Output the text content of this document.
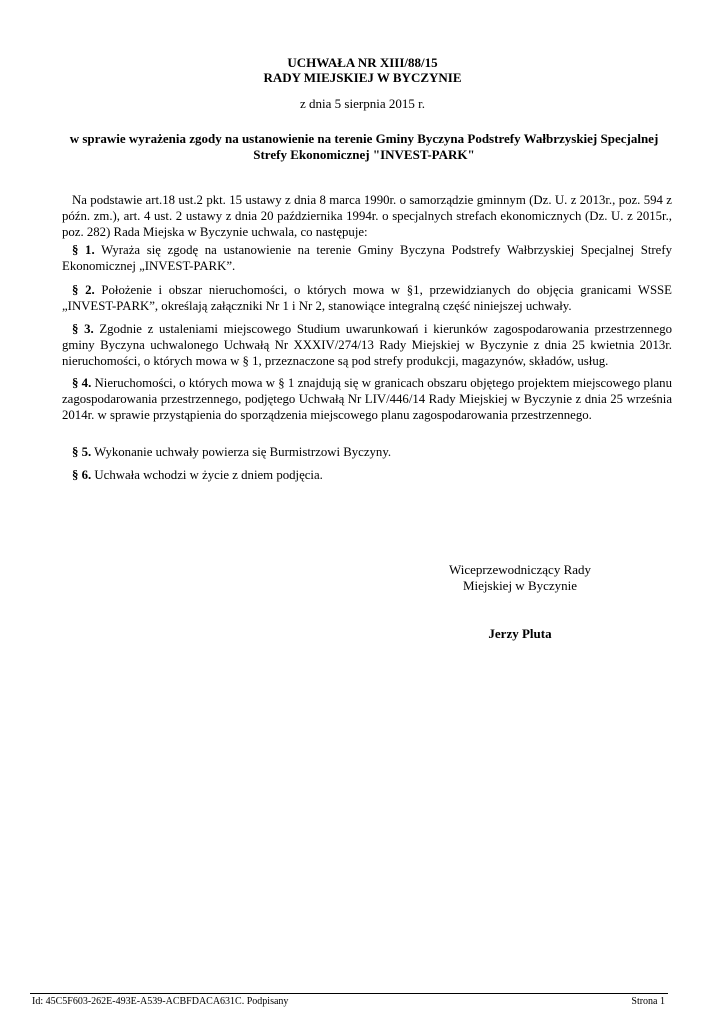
UCHWAŁA NR XIII/88/15
RADY MIEJSKIEJ W BYCZYNIE
z dnia 5 sierpnia 2015 r.
w sprawie wyrażenia zgody na ustanowienie na terenie Gminy Byczyna Podstrefy Wałbrzyskiej Specjalnej
Strefy Ekonomicznej "INVEST-PARK"

Na podstawie art.18 ust.2 pkt. 15 ustawy z dnia 8 marca 1990r. o samorządzie gminnym (Dz. U. z 2013r., poz. 594 z późn. zm.), art. 4 ust. 2 ustawy z dnia 20 października 1994r. o specjalnych strefach ekonomicznych (Dz. U. z 2015r., poz. 282) Rada Miejska w Byczynie uchwala, co następuje:

§ 1. Wyraża się zgodę na ustanowienie na terenie Gminy Byczyna Podstrefy Wałbrzyskiej Specjalnej Strefy Ekonomicznej „INVEST-PARK”.

§ 2. Położenie i obszar nieruchomości, o których mowa w §1, przewidzianych do objęcia granicami WSSE „INVEST-PARK”, określają załączniki Nr 1 i Nr 2, stanowiące integralną część niniejszej uchwały.

§ 3. Zgodnie z ustaleniami miejscowego Studium uwarunkowań i kierunków zagospodarowania przestrzennego gminy Byczyna uchwalonego Uchwałą Nr XXXIV/274/13 Rady Miejskiej w Byczynie z dnia 25 kwietnia 2013r. nieruchomości, o których mowa w § 1, przeznaczone są pod strefy produkcji, magazynów, składów, usług.

§ 4. Nieruchomości, o których mowa w § 1 znajdują się w granicach obszaru objętego projektem miejscowego planu zagospodarowania przestrzennego, podjętego Uchwałą Nr LIV/446/14 Rady Miejskiej w Byczynie z dnia 25 września 2014r. w sprawie przystąpienia do sporządzenia miejscowego planu zagospodarowania przestrzennego.

§ 5. Wykonanie uchwały powierza się Burmistrzowi Byczyny.

§ 6. Uchwała wchodzi w życie z dniem podjęcia.

Wiceprzewodniczący Rady
Miejskiej w Byczynie
Jerzy Pluta
Id: 45C5F603-262E-493E-A539-ACBFDACA631C. Podpisany	Strona 1
